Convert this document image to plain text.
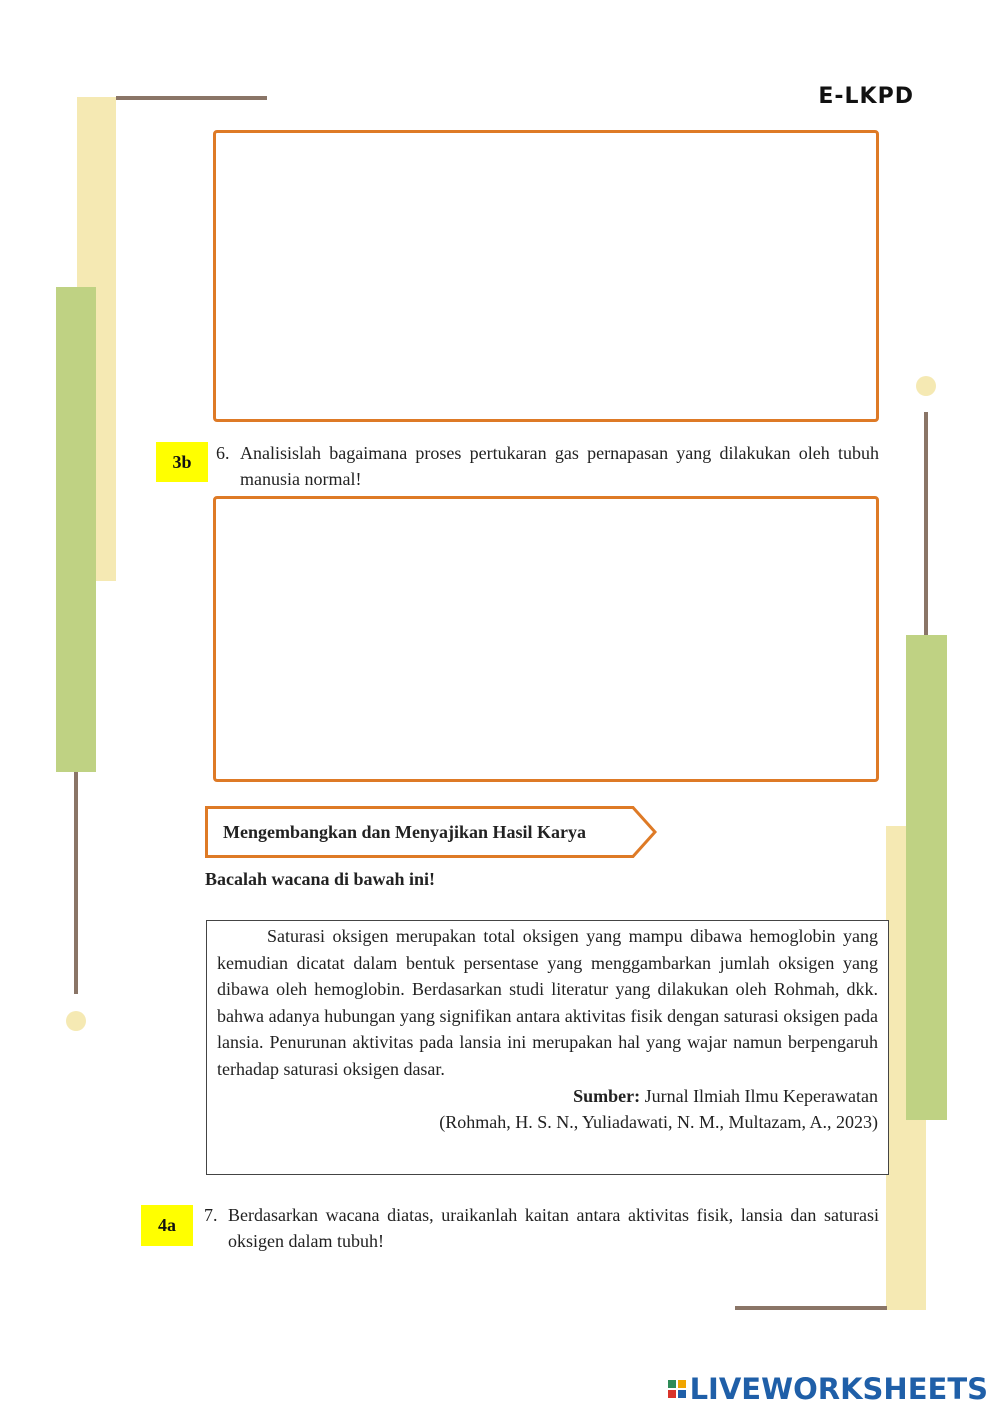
E-LKPD
3b	6. Analisislah bagaimana proses pertukaran gas pernapasan yang dilakukan oleh tubuh manusia normal!
Mengembangkan dan Menyajikan Hasil Karya
Bacalah wacana di bawah ini!

Saturasi oksigen merupakan total oksigen yang mampu dibawa hemoglobin yang kemudian dicatat dalam bentuk persentase yang menggambarkan jumlah oksigen yang dibawa oleh hemoglobin. Berdasarkan studi literatur yang dilakukan oleh Rohmah, dkk. bahwa adanya hubungan yang signifikan antara aktivitas fisik dengan saturasi oksigen pada lansia. Penurunan aktivitas pada lansia ini merupakan hal yang wajar namun berpengaruh terhadap saturasi oksigen dasar.

Sumber: Jurnal Ilmiah Ilmu Keperawatan
(Rohmah, H. S. N., Yuliadawati, N. M., Multazam, A., 2023)
4a	7. Berdasarkan wacana diatas, uraikanlah kaitan antara aktivitas fisik, lansia dan saturasi oksigen dalam tubuh!
LIVEWORKSHEETS
